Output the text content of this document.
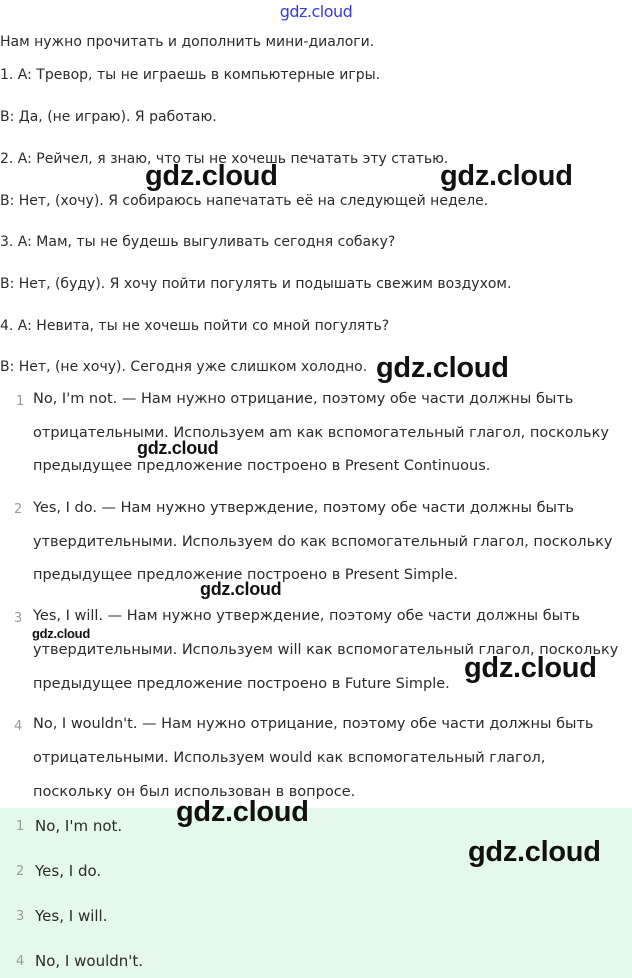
gdz.cloud
Нам нужно прочитать и дополнить мини-диалоги.
1. A: Тревор, ты не играешь в компьютерные игры.
B: Да, (не играю). Я работаю.
2. A: Рейчел, я знаю, что ты не хочешь печатать эту статью.
B: Нет, (хочу). Я собираюсь напечатать её на следующей неделе.
3. A: Мам, ты не будешь выгуливать сегодня собаку?
B: Нет, (буду). Я хочу пойти погулять и подышать свежим воздухом.
4. A: Невита, ты не хочешь пойти со мной погулять?
B: Нет, (не хочу). Сегодня уже слишком холодно.
1 No, I'm not. — Нам нужно отрицание, поэтому обе части должны быть
отрицательными. Используем am как вспомогательный глагол, поскольку
предыдущее предложение построено в Present Continuous.
2 Yes, I do. — Нам нужно утверждение, поэтому обе части должны быть
утвердительными. Используем do как вспомогательный глагол, поскольку
предыдущее предложение построено в Present Simple.
3 Yes, I will. — Нам нужно утверждение, поэтому обе части должны быть
утвердительными. Используем will как вспомогательный глагол, поскольку
предыдущее предложение построено в Future Simple.
4 No, I wouldn't. — Нам нужно отрицание, поэтому обе части должны быть
отрицательными. Используем would как вспомогательный глагол,
поскольку он был использован в вопросе.
1 No, I'm not.
2 Yes, I do.
3 Yes, I will.
4 No, I wouldn't.
gdz.cloud	gdz.cloud
gdz.cloud
gdz.cloud
gdz.cloud
gdz.cloud
gdz.cloud
gdz.cloud
gdz.cloud
